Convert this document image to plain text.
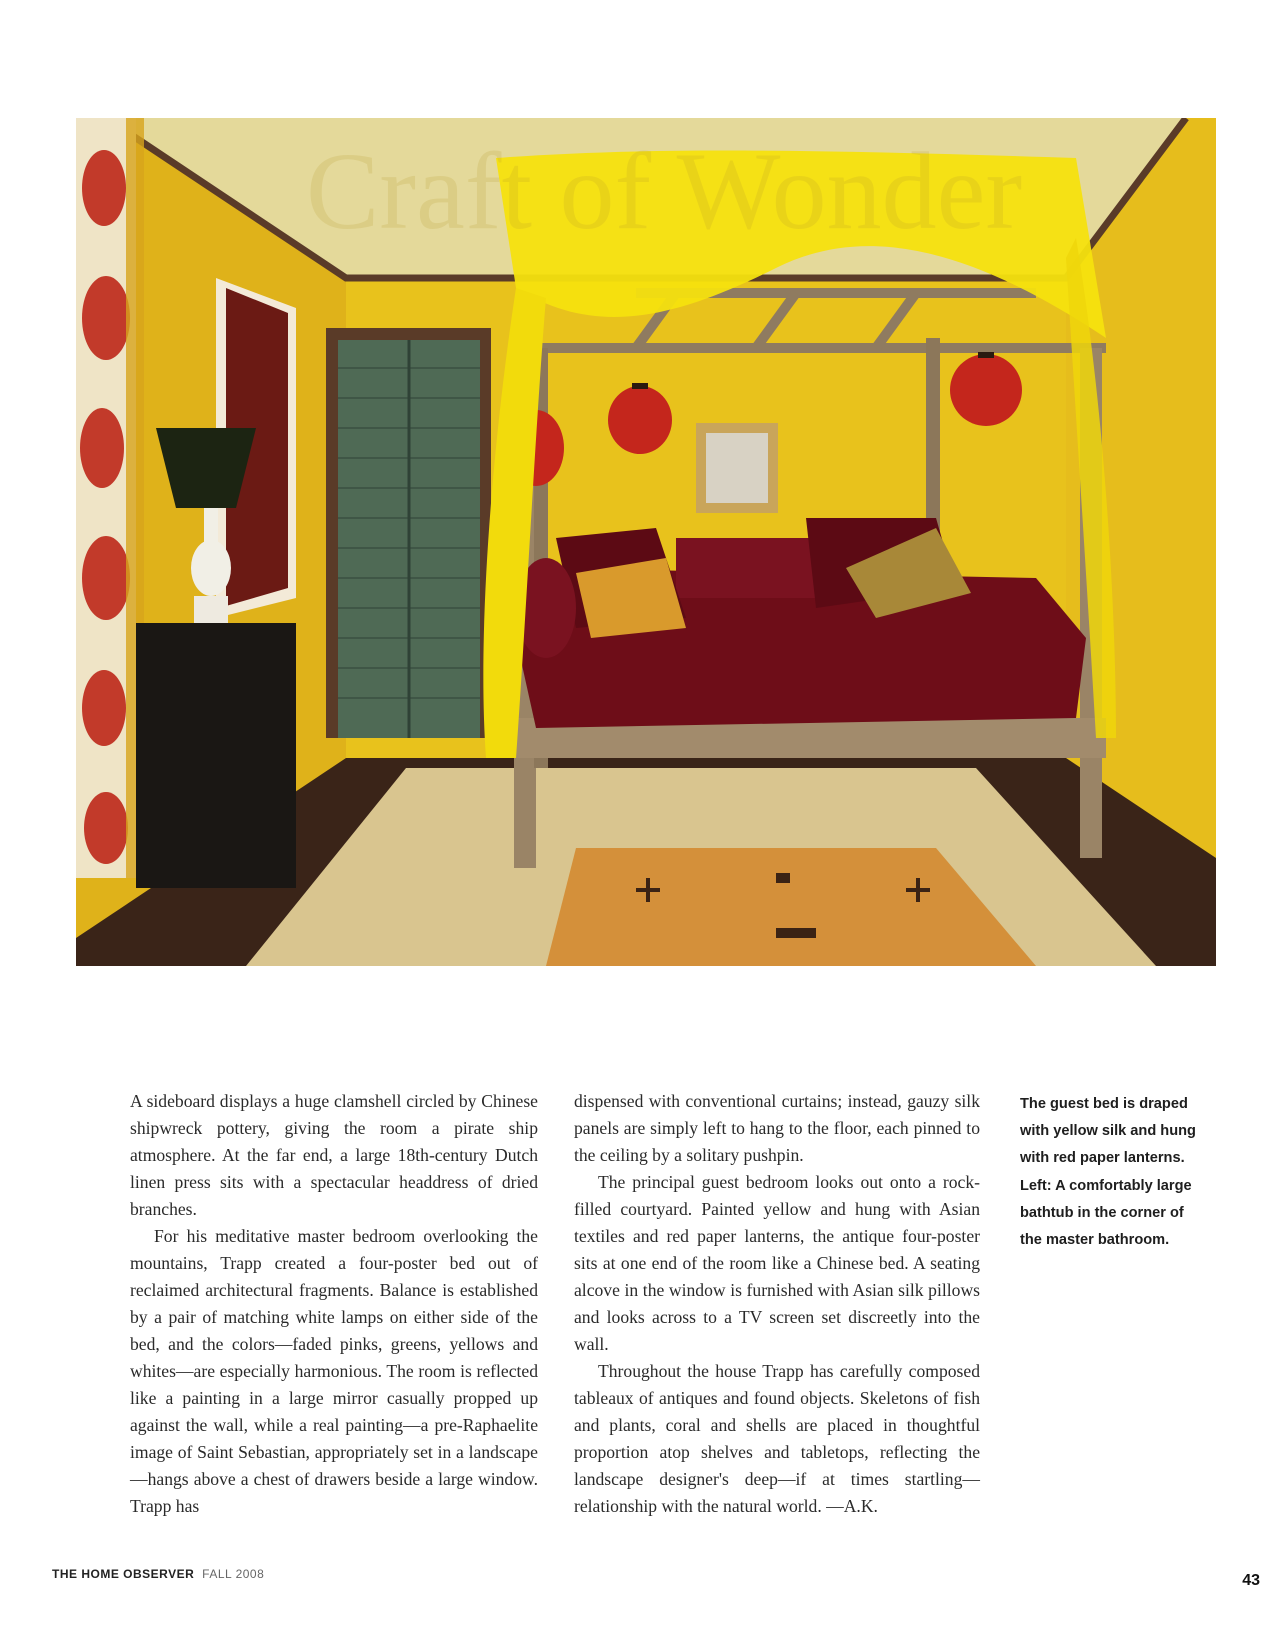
Craft of Wonder

A sideboard displays a huge clamshell circled by Chinese shipwreck pottery, giving the room a pirate ship atmosphere. At the far end, a large 18th-century Dutch linen press sits with a spectacular headdress of dried branches.

For his meditative master bedroom overlooking the mountains, Trapp created a four-poster bed out of reclaimed architectural fragments. Balance is established by a pair of matching white lamps on either side of the bed, and the colors—faded pinks, greens, yellows and whites—are especially harmonious. The room is reflected like a painting in a large mirror casually propped up against the wall, while a real painting—a pre-Raphaelite image of Saint Sebastian, appropriately set in a landscape—hangs above a chest of drawers beside a large window. Trapp has

dispensed with conventional curtains; instead, gauzy silk panels are simply left to hang to the floor, each pinned to the ceiling by a solitary pushpin.

The principal guest bedroom looks out onto a rock-filled courtyard. Painted yellow and hung with Asian textiles and red paper lanterns, the antique four-poster sits at one end of the room like a Chinese bed. A seating alcove in the window is furnished with Asian silk pillows and looks across to a TV screen set discreetly into the wall.

Throughout the house Trapp has carefully composed tableaux of antiques and found objects. Skeletons of fish and plants, coral and shells are placed in thoughtful proportion atop shelves and tabletops, reflecting the landscape designer's deep—if at times startling—relationship with the natural world. —A.K.

The guest bed is draped with yellow silk and hung with red paper lanterns.

Left: A comfortably large bathtub in the corner of the master bathroom.

THE HOME OBSERVER FALL 2008	43
